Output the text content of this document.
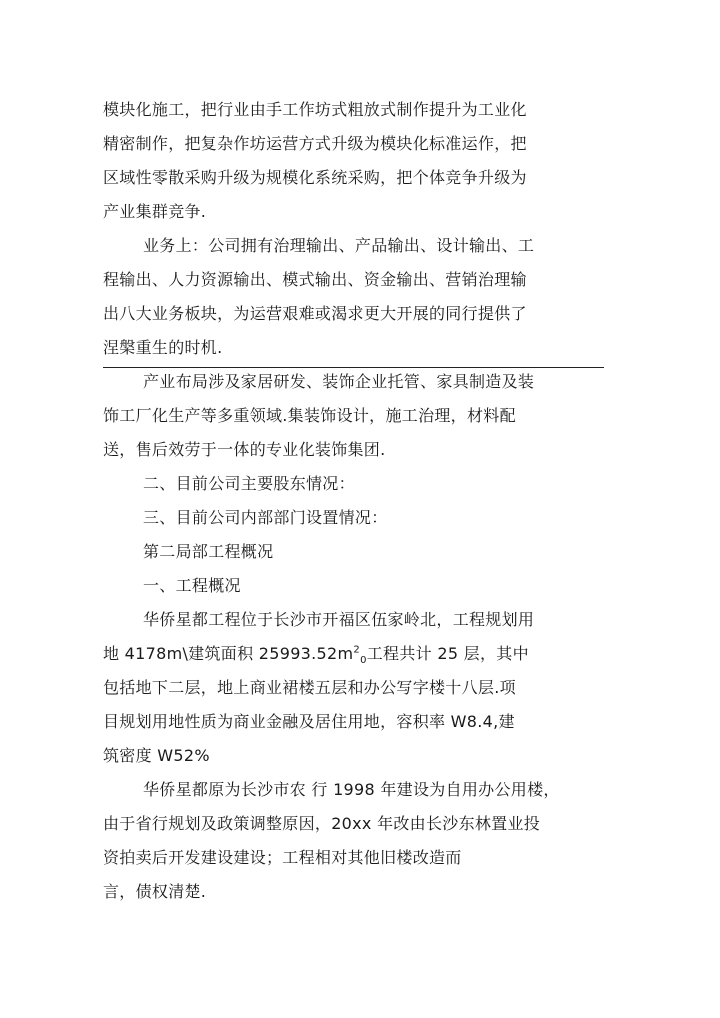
模块化施工，把行业由手工作坊式粗放式制作提升为工业化
精密制作，把复杂作坊运营方式升级为模块化标准运作，把
区域性零散采购升级为规模化系统采购，把个体竞争升级为
产业集群竞争.
业务上：公司拥有治理输出、产品输出、设计输出、工
程输出、人力资源输出、模式输出、资金输出、营销治理输
出八大业务板块，为运营艰难或渴求更大开展的同行提供了
涅槃重生的时机.
产业布局涉及家居研发、装饰企业托管、家具制造及装
饰工厂化生产等多重领域.集装饰设计，施工治理，材料配
送，售后效劳于一体的专业化装饰集团.
二、目前公司主要股东情况：
三、目前公司内部部门设置情况：
第二局部工程概况
一、工程概况
华侨星都工程位于长沙市开福区伍家岭北，工程规划用
地 4178m\建筑面积 $25993.52m^2_0$工程共计 25 层，其中
包括地下二层，地上商业裙楼五层和办公写字楼十八层.项
目规划用地性质为商业金融及居住用地，容积率 W8.4,建
筑密度 W52%
华侨星都原为长沙市农 行 1998 年建设为自用办公用楼，
由于省行规划及政策调整原因，20xx 年改由长沙东林置业投
资拍卖后开发建设建设；工程相对其他旧楼改造而
言，债权清楚.
